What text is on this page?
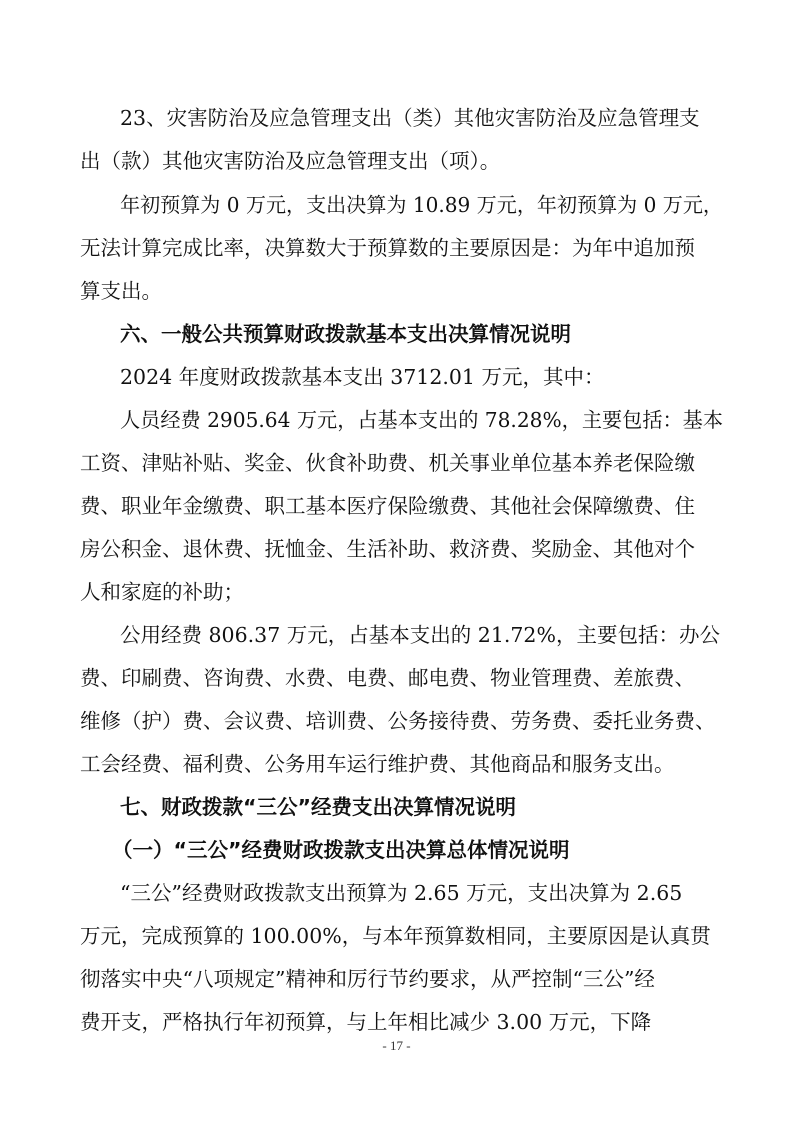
23、灾害防治及应急管理支出（类）其他灾害防治及应急管理支
出（款）其他灾害防治及应急管理支出（项）。
年初预算为 0 万元，支出决算为 10.89 万元，年初预算为 0 万元，
无法计算完成比率，决算数大于预算数的主要原因是：为年中追加预
算支出。
六、一般公共预算财政拨款基本支出决算情况说明
2024 年度财政拨款基本支出 3712.01 万元，其中：
人员经费 2905.64 万元，占基本支出的 78.28%，主要包括：基本
工资、津贴补贴、奖金、伙食补助费、机关事业单位基本养老保险缴
费、职业年金缴费、职工基本医疗保险缴费、其他社会保障缴费、住
房公积金、退休费、抚恤金、生活补助、救济费、奖励金、其他对个
人和家庭的补助；
公用经费 806.37 万元，占基本支出的 21.72%，主要包括：办公
费、印刷费、咨询费、水费、电费、邮电费、物业管理费、差旅费、
维修（护）费、会议费、培训费、公务接待费、劳务费、委托业务费、
工会经费、福利费、公务用车运行维护费、其他商品和服务支出。
七、财政拨款“三公”经费支出决算情况说明
（一）“三公”经费财政拨款支出决算总体情况说明
“三公”经费财政拨款支出预算为 2.65 万元，支出决算为 2.65
万元，完成预算的 100.00%，与本年预算数相同，主要原因是认真贯
彻落实中央“八项规定”精神和厉行节约要求，从严控制“三公”经
费开支，严格执行年初预算，与上年相比减少 3.00 万元，下降
- 17 -
